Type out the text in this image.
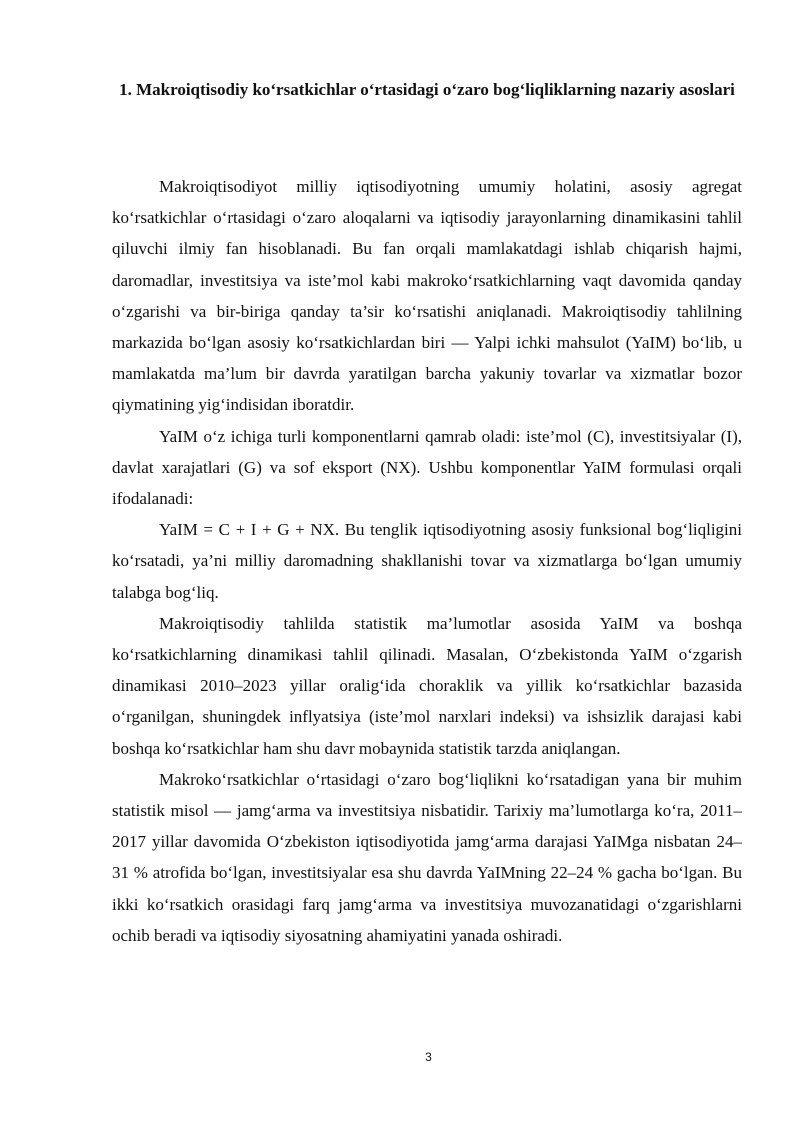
1. Makroiqtisodiy ko‘rsatkichlar o‘rtasidagi o‘zaro bog‘liqliklarning nazariy asoslari

Makroiqtisodiyot milliy iqtisodiyotning umumiy holatini, asosiy agregat ko‘rsatkichlar o‘rtasidagi o‘zaro aloqalarni va iqtisodiy jarayonlarning dinamikasini tahlil qiluvchi ilmiy fan hisoblanadi. Bu fan orqali mamlakatdagi ishlab chiqarish hajmi, daromadlar, investitsiya va iste’mol kabi makroko‘rsatkichlarning vaqt davomida qanday o‘zgarishi va bir-biriga qanday ta’sir ko‘rsatishi aniqlanadi. Makroiqtisodiy tahlilning markazida bo‘lgan asosiy ko‘rsatkichlardan biri — Yalpi ichki mahsulot (YaIM) bo‘lib, u mamlakatda ma’lum bir davrda yaratilgan barcha yakuniy tovarlar va xizmatlar bozor qiymatining yig‘indisidan iboratdir.

YaIM o‘z ichiga turli komponentlarni qamrab oladi: iste’mol (C), investitsiyalar (I), davlat xarajatlari (G) va sof eksport (NX). Ushbu komponentlar YaIM formulasi orqali ifodalanadi:

YaIM = C + I + G + NX. Bu tenglik iqtisodiyotning asosiy funksional bog‘liqligini ko‘rsatadi, ya’ni milliy daromadning shakllanishi tovar va xizmatlarga bo‘lgan umumiy talabga bog‘liq.

Makroiqtisodiy tahlilda statistik ma’lumotlar asosida YaIM va boshqa ko‘rsatkichlarning dinamikasi tahlil qilinadi. Masalan, O‘zbekistonda YaIM o‘zgarish dinamikasi 2010–2023 yillar oralig‘ida choraklik va yillik ko‘rsatkichlar bazasida o‘rganilgan, shuningdek inflyatsiya (iste’mol narxlari indeksi) va ishsizlik darajasi kabi boshqa ko‘rsatkichlar ham shu davr mobaynida statistik tarzda aniqlangan.

Makroko‘rsatkichlar o‘rtasidagi o‘zaro bog‘liqlikni ko‘rsatadigan yana bir muhim statistik misol — jamg‘arma va investitsiya nisbatidir. Tarixiy ma’lumotlarga ko‘ra, 2011–2017 yillar davomida O‘zbekiston iqtisodiyotida jamg‘arma darajasi YaIMga nisbatan 24–31 % atrofida bo‘lgan, investitsiyalar esa shu davrda YaIMning 22–24 % gacha bo‘lgan. Bu ikki ko‘rsatkich orasidagi farq jamg‘arma va investitsiya muvozanatidagi o‘zgarishlarni ochib beradi va iqtisodiy siyosatning ahamiyatini yanada oshiradi.

3
